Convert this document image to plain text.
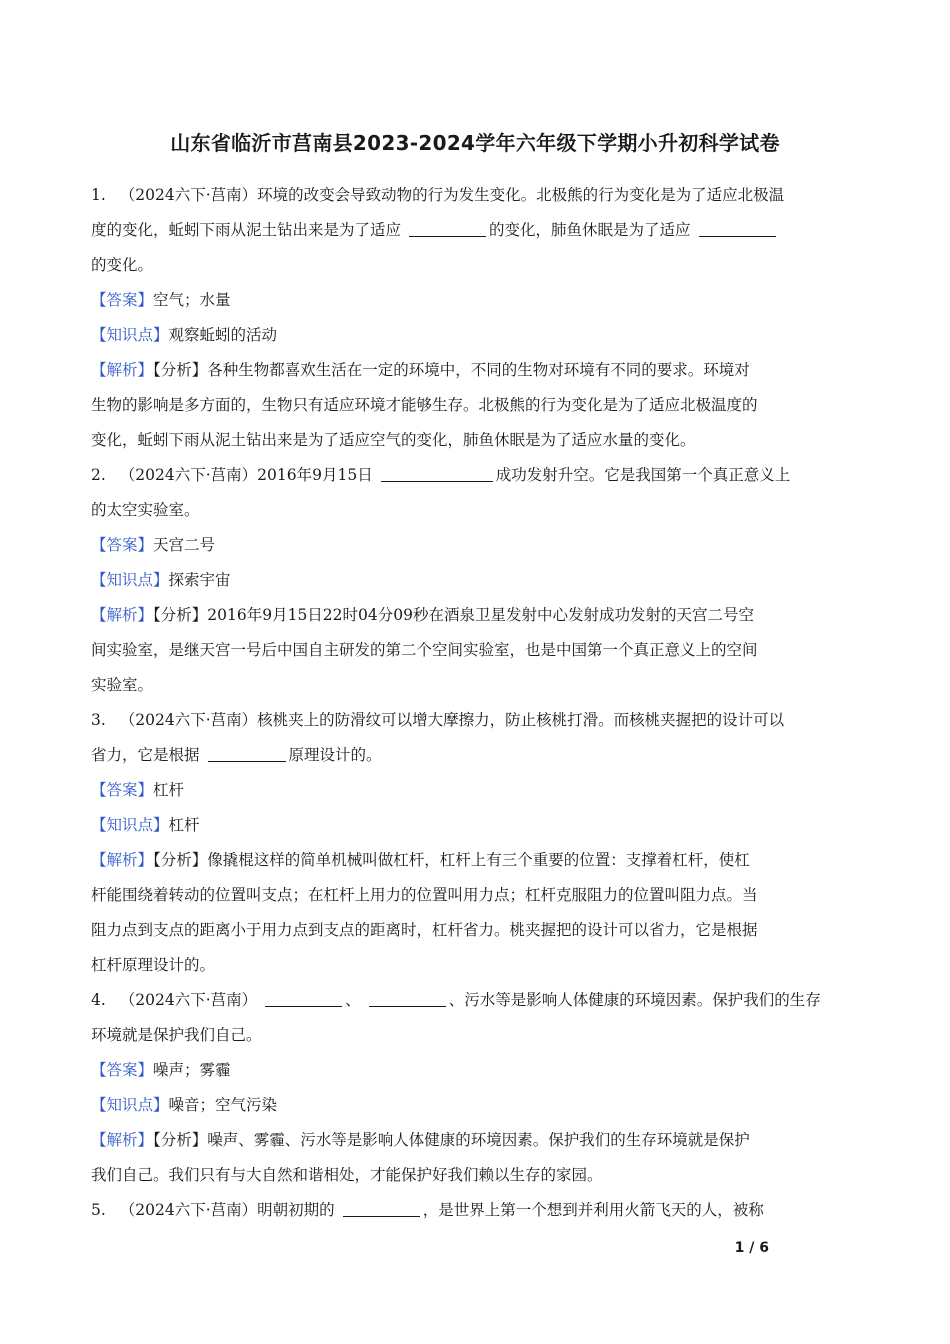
山东省临沂市莒南县2023-2024学年六年级下学期小升初科学试卷
1. （2024六下·莒南）环境的改变会导致动物的行为发生变化。北极熊的行为变化是为了适应北极温
度的变化，蚯蚓下雨从泥土钻出来是为了适应	的变化，肺鱼休眠是为了适应
的变化。
【答案】空气；水量
【知识点】观察蚯蚓的活动
【解析】【分析】各种生物都喜欢生活在一定的环境中，不同的生物对环境有不同的要求。环境对
生物的影响是多方面的，生物只有适应环境才能够生存。北极熊的行为变化是为了适应北极温度的
变化，蚯蚓下雨从泥土钻出来是为了适应空气的变化，肺鱼休眠是为了适应水量的变化。
2. （2024六下·莒南）2016年9月15日	成功发射升空。它是我国第一个真正意义上
的太空实验室。
【答案】天宫二号
【知识点】探索宇宙
【解析】【分析】2016年9月15日22时04分09秒在酒泉卫星发射中心发射成功发射的天宫二号空
间实验室，是继天宫一号后中国自主研发的第二个空间实验室，也是中国第一个真正意义上的空间
实验室。
3. （2024六下·莒南）核桃夹上的防滑纹可以增大摩擦力，防止核桃打滑。而核桃夹握把的设计可以
省力，它是根据	原理设计的。
【答案】杠杆
【知识点】杠杆
【解析】【分析】像撬棍这样的简单机械叫做杠杆，杠杆上有三个重要的位置：支撑着杠杆，使杠
杆能围绕着转动的位置叫支点；在杠杆上用力的位置叫用力点；杠杆克服阻力的位置叫阻力点。当
阻力点到支点的距离小于用力点到支点的距离时，杠杆省力。桃夹握把的设计可以省力，它是根据
杠杆原理设计的。
4. （2024六下·莒南）	、	、污水等是影响人体健康的环境因素。保护我们的生存
环境就是保护我们自己。
【答案】噪声；雾霾
【知识点】噪音；空气污染
【解析】【分析】噪声、雾霾、污水等是影响人体健康的环境因素。保护我们的生存环境就是保护
我们自己。我们只有与大自然和谐相处，才能保护好我们赖以生存的家园。
5. （2024六下·莒南）明朝初期的	，是世界上第一个想到并利用火箭飞天的人，被称
1 / 6
